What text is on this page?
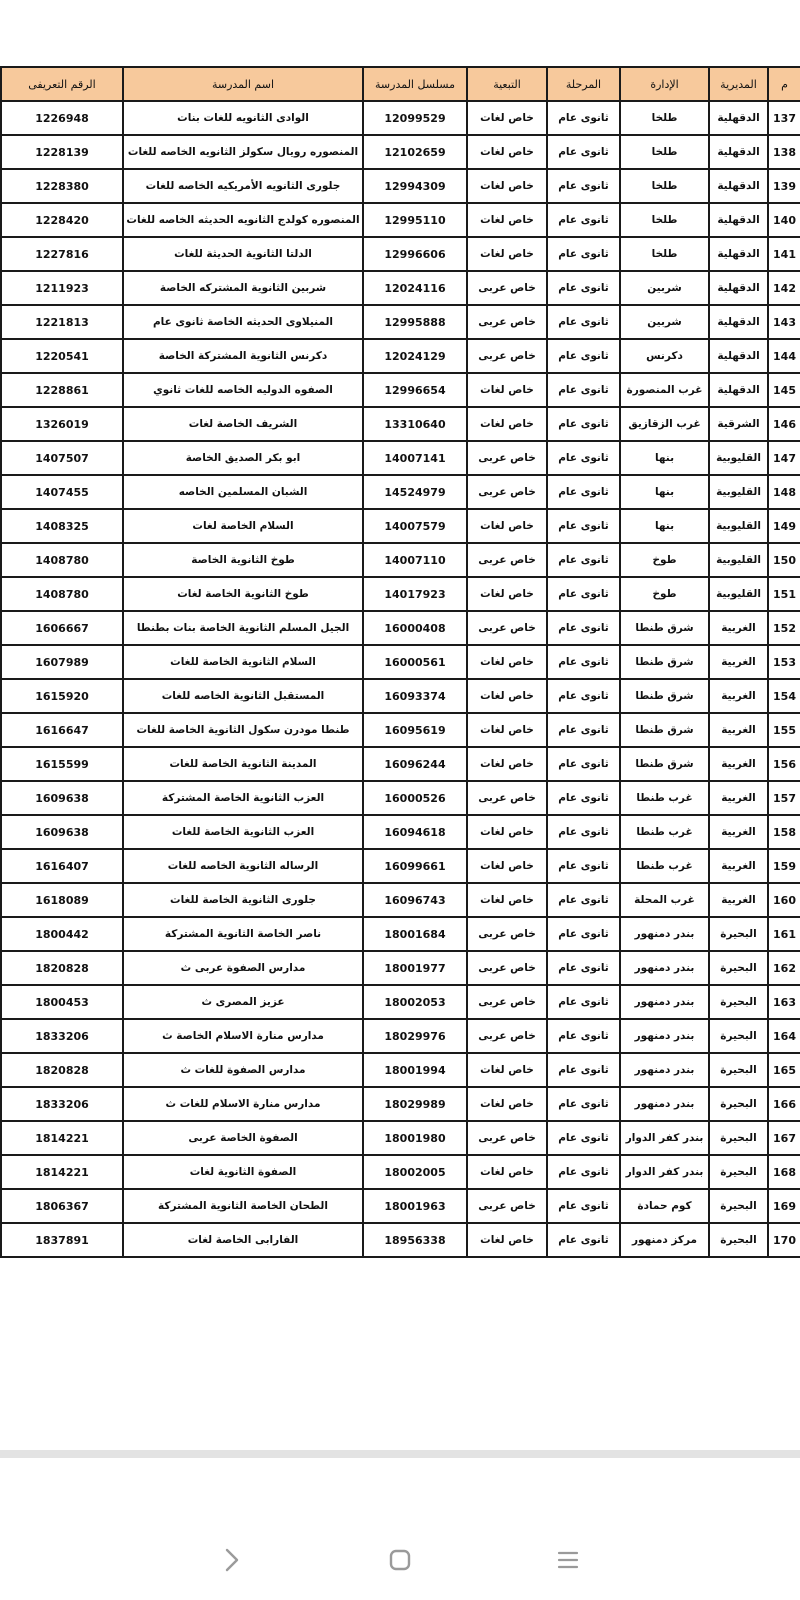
م	المديرية	الإدارة	المرحلة	التبعية	مسلسل المدرسة	اسم المدرسة	الرقم التعريفى
137	الدقهلية	طلخا	ثانوى عام	خاص لغات	12099529	الوادى الثانويه للغات بنات	1226948
138	الدقهلية	طلخا	ثانوى عام	خاص لغات	12102659	المنصوره رويال سكولز الثانويه الخاصه للغات	1228139
139	الدقهلية	طلخا	ثانوى عام	خاص لغات	12994309	جلورى الثانويه الأمريكيه الخاصه للغات	1228380
140	الدقهلية	طلخا	ثانوى عام	خاص لغات	12995110	المنصوره كولدج الثانويه الحديثه الخاصه للغات	1228420
141	الدقهلية	طلخا	ثانوى عام	خاص لغات	12996606	الدلتا الثانوية الحديثة للغات	1227816
142	الدقهلية	شربين	ثانوى عام	خاص عربى	12024116	شربين الثانوية المشتركه الخاصة	1211923
143	الدقهلية	شربين	ثانوى عام	خاص عربى	12995888	المنيلاوى الحديثه الخاصة ثانوى عام	1221813
144	الدقهلية	دكرنس	ثانوى عام	خاص عربى	12024129	دكرنس الثانوية المشتركة الخاصة	1220541
145	الدقهلية	غرب المنصورة	ثانوى عام	خاص لغات	12996654	الصفوه الدوليه الخاصه للغات ثانوي	1228861
146	الشرقية	غرب الزقازيق	ثانوى عام	خاص لغات	13310640	الشريف الخاصة لغات	1326019
147	القليوبية	بنها	ثانوى عام	خاص عربى	14007141	ابو بكر الصديق الخاصة	1407507
148	القليوبية	بنها	ثانوى عام	خاص عربى	14524979	الشبان المسلمين الخاصه	1407455
149	القليوبية	بنها	ثانوى عام	خاص لغات	14007579	السلام الخاصة لغات	1408325
150	القليوبية	طوخ	ثانوى عام	خاص عربى	14007110	طوخ الثانوية الخاصة	1408780
151	القليوبية	طوخ	ثانوى عام	خاص لغات	14017923	طوخ الثانوية الخاصة لغات	1408780
152	الغربية	شرق طنطا	ثانوى عام	خاص عربى	16000408	الجيل المسلم الثانوية الخاصة بنات بطنطا	1606667
153	الغربية	شرق طنطا	ثانوى عام	خاص لغات	16000561	السلام الثانوية الخاصة للغات	1607989
154	الغربية	شرق طنطا	ثانوى عام	خاص لغات	16093374	المستقبل الثانوية الخاصه للغات	1615920
155	الغربية	شرق طنطا	ثانوى عام	خاص لغات	16095619	طنطا مودرن سكول الثانوية الخاصة للغات	1616647
156	الغربية	شرق طنطا	ثانوى عام	خاص لغات	16096244	المدينة الثانوية الخاصة للغات	1615599
157	الغربية	غرب طنطا	ثانوى عام	خاص عربى	16000526	العزب الثانوية الخاصة المشتركة	1609638
158	الغربية	غرب طنطا	ثانوى عام	خاص لغات	16094618	العزب الثانوية الخاصة للغات	1609638
159	الغربية	غرب طنطا	ثانوى عام	خاص لغات	16099661	الرساله الثانوية الخاصه للغات	1616407
160	الغربية	غرب المحلة	ثانوى عام	خاص لغات	16096743	جلورى الثانوية الخاصة للغات	1618089
161	البحيرة	بندر دمنهور	ثانوى عام	خاص عربى	18001684	ناصر الخاصة الثانوية المشتركة	1800442
162	البحيرة	بندر دمنهور	ثانوى عام	خاص عربى	18001977	مدارس الصفوة عربى ث	1820828
163	البحيرة	بندر دمنهور	ثانوى عام	خاص عربى	18002053	عزيز المصرى ث	1800453
164	البحيرة	بندر دمنهور	ثانوى عام	خاص عربى	18029976	مدارس منارة الاسلام الخاصة ث	1833206
165	البحيرة	بندر دمنهور	ثانوى عام	خاص لغات	18001994	مدارس الصفوة للغات ث	1820828
166	البحيرة	بندر دمنهور	ثانوى عام	خاص لغات	18029989	مدارس منارة الاسلام للغات ث	1833206
167	البحيرة	بندر كفر الدوار	ثانوى عام	خاص عربى	18001980	الصفوة الخاصة عربى	1814221
168	البحيرة	بندر كفر الدوار	ثانوى عام	خاص لغات	18002005	الصفوة الثانوية لغات	1814221
169	البحيرة	كوم حمادة	ثانوى عام	خاص عربى	18001963	الطحان الخاصة الثانوية المشتركة	1806367
170	البحيرة	مركز دمنهور	ثانوى عام	خاص لغات	18956338	الفارابى الخاصة لغات	1837891
